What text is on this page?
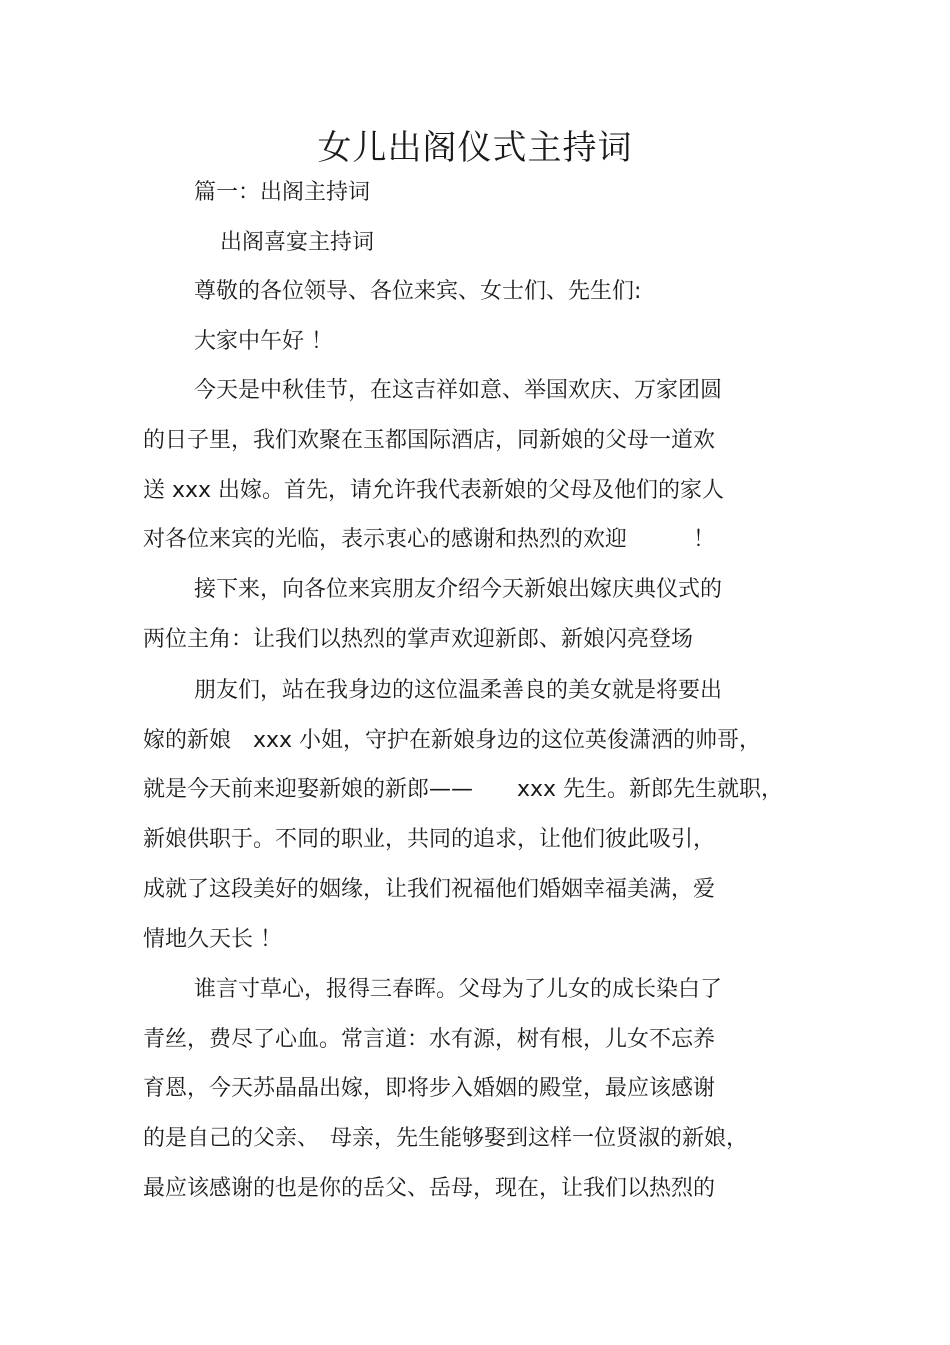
女儿出阁仪式主持词
篇一：出阁主持词
出阁喜宴主持词
尊敬的各位领导、各位来宾、女士们、先生们:
大家中午好 ！
今天是中秋佳节，在这吉祥如意、举国欢庆、万家团圆
的日子里，我们欢聚在玉都国际酒店，同新娘的父母一道欢
送 xxx 出嫁。首先，请允许我代表新娘的父母及他们的家人
对各位来宾的光临，表示衷心的感谢和热烈的欢迎　　　！
接下来，向各位来宾朋友介绍今天新娘出嫁庆典仪式的
两位主角：让我们以热烈的掌声欢迎新郎、新娘闪亮登场
朋友们，站在我身边的这位温柔善良的美女就是将要出
嫁的新娘　xxx 小姐，守护在新娘身边的这位英俊潇洒的帅哥，
就是今天前来迎娶新娘的新郎——　　xxx 先生。新郎先生就职，
新娘供职于。不同的职业，共同的追求，让他们彼此吸引，
成就了这段美好的姻缘，让我们祝福他们婚姻幸福美满，爱
情地久天长 ！
谁言寸草心，报得三春晖。父母为了儿女的成长染白了
青丝，费尽了心血。常言道：水有源，树有根，儿女不忘养
育恩，今天苏晶晶出嫁，即将步入婚姻的殿堂，最应该感谢
的是自己的父亲、　母亲，先生能够娶到这样一位贤淑的新娘，
最应该感谢的也是你的岳父、岳母，现在，让我们以热烈的
